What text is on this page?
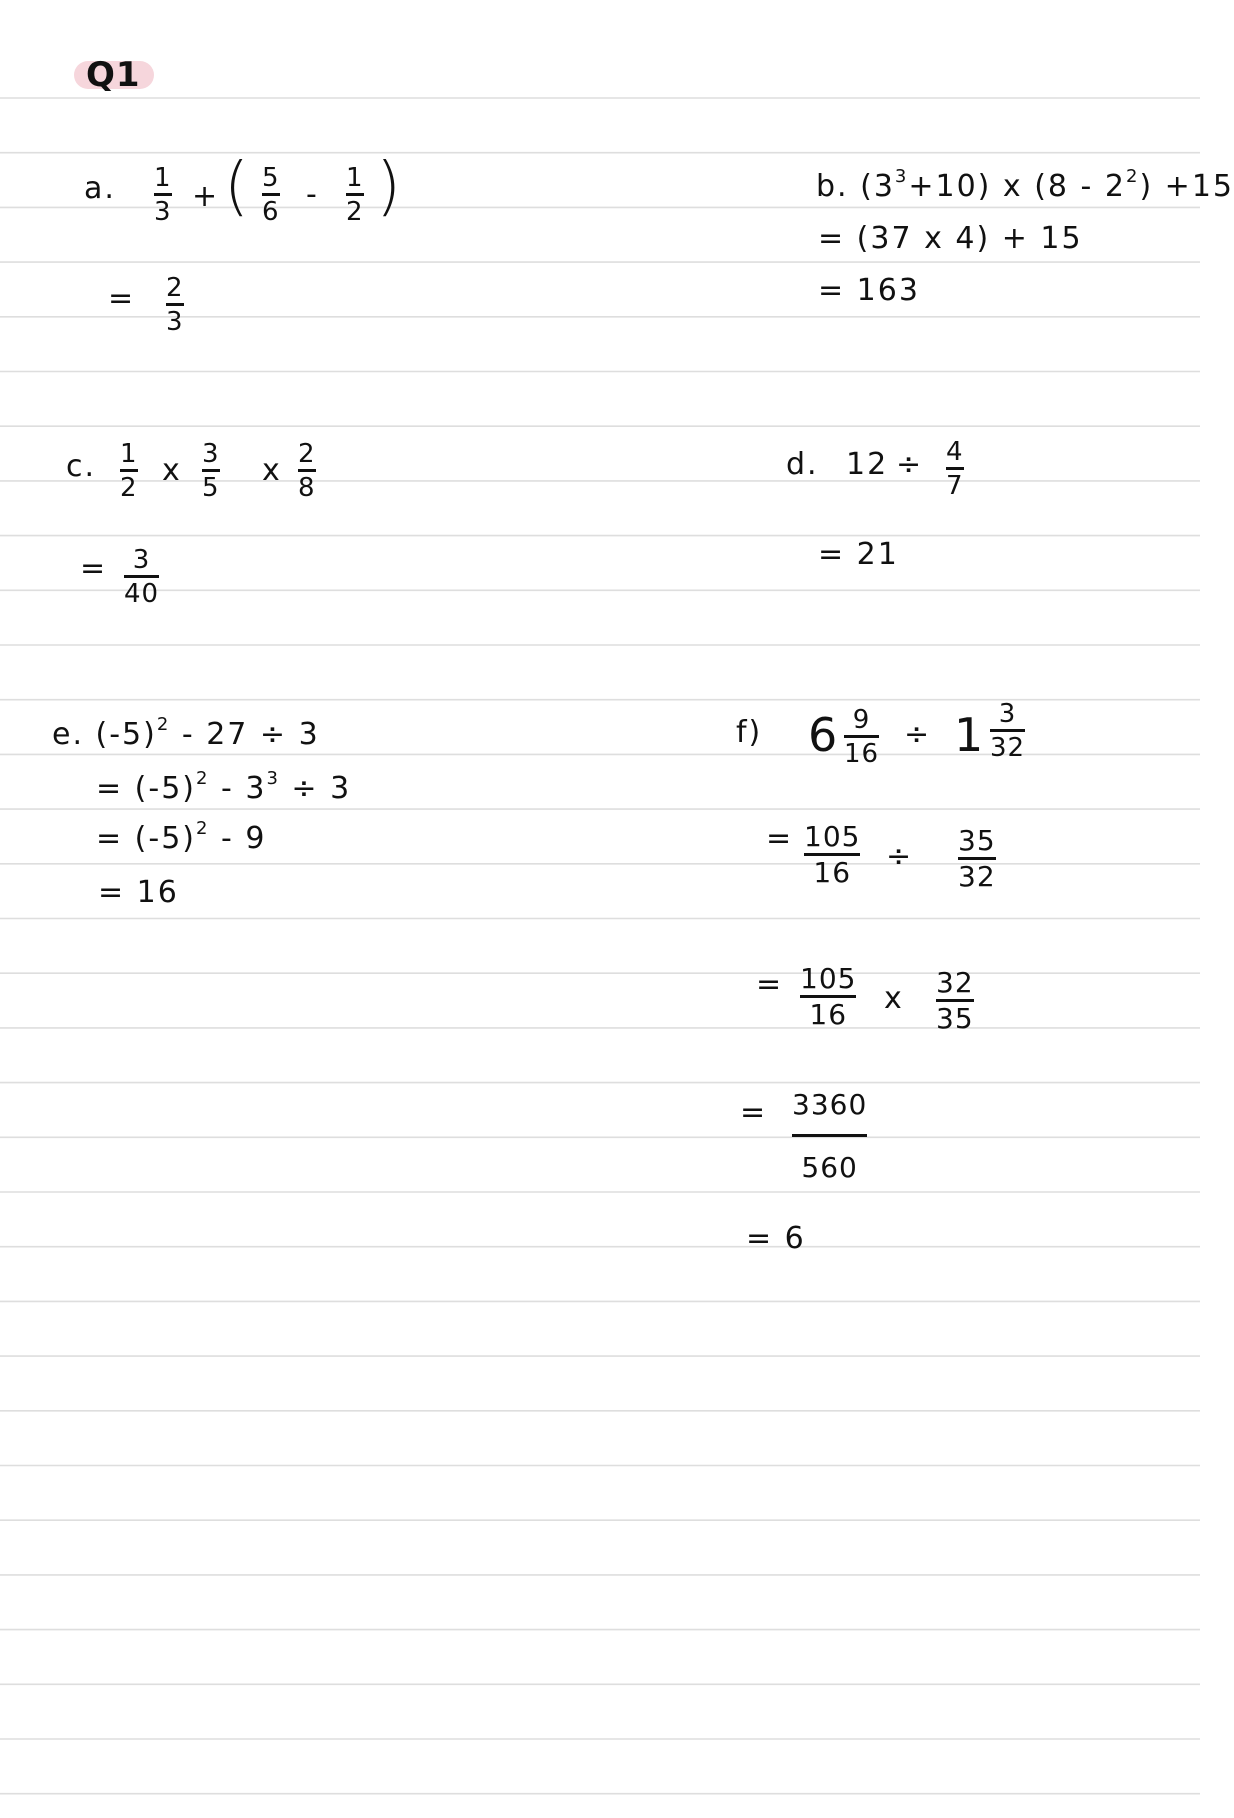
Q1
a. 1
3 + ( 5
6 - 1
2 )
= 2
3
b. $(3^3+10)$ x $(8 - 2^2) +15$
= (37 x 4) + 15
= 163
c. 1
2 x 3
5 x 2
8
= 3
40
d. 12 ÷ 4
7
= 21
e. $(-5)^2 - 27 \div 3$
= $(-5)^2 - 3^3 \div 3$
= $(-5)^2 - 9$
= 16
f) 6 9
16
÷ 1 3
32
= 105
16 ÷ 35
32
= 105
16 x 32
35
= 3360
560
= 6
